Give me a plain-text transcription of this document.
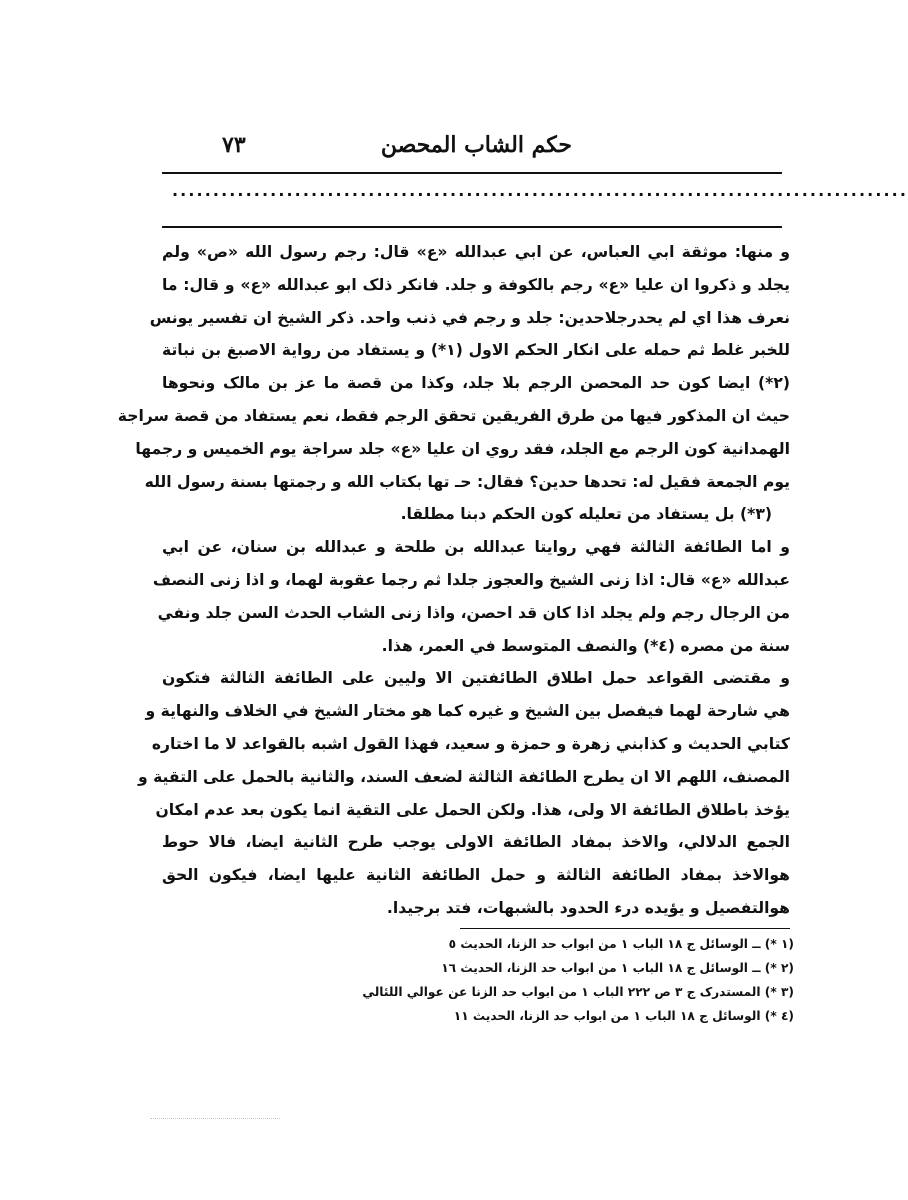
حكم الشاب المحصن
٧٣
..........................................................................................
و منها: موثقة ابي العباس، عن ابي عبدالله «ع» قال: رجم رسول الله «ص» ولم
يجلد و ذكروا ان عليا «ع» رجم بالكوفة و جلد. فانكر ذلک ابو عبدالله «ع» و قال: ما
نعرف هذا اي لم يحدرجلاحدين: جلد و رجم في ذنب واحد. ذكر الشيخ ان تفسير يونس
للخبر غلط ثم حمله على انكار الحكم الاول (١*) و يستفاد من رواية الاصبغ بن نباتة
(٢*) ايضا كون حد المحصن الرجم بلا جلد، وكذا من قصة ما عز بن مالک ونحوها
حيث ان المذكور فيها من طرق الفريقين تحقق الرجم فقط، نعم يستفاد من قصة سراجة
الهمدانية كون الرجم مع الجلد، فقد روي ان عليا «ع» جلد سراجة يوم الخميس و رجمها
يوم الجمعة فقيل له: تحدها حدين؟ فقال: حـ تها بكتاب الله و رجمتها بسنة رسول الله
(٣*) بل يستفاد من تعليله كون الحكم دبنا مطلقا.
و اما الطائفة الثالثة فهي روايتا عبدالله بن طلحة و عبدالله بن سنان، عن ابي
عبدالله «ع» قال: اذا زنى الشيخ والعجوز جلدا ثم رجما عقوبة لهما، و اذا زنى النصف
من الرجال رجم ولم يجلد اذا كان قد احصن، واذا زنى الشاب الحدث السن جلد ونفي
سنة من مصره (٤*) والنصف المتوسط في العمر، هذا.
و مقتضى القواعد حمل اطلاق الطائفتين الا وليين على الطائفة الثالثة فتكون
هي شارحة لهما فيفصل بين الشيخ و غيره كما هو مختار الشيخ في الخلاف والنهاية و
كتابي الحديث و كذابني زهرة و حمزة و سعيد، فهذا القول اشبه بالقواعد لا ما اختاره
المصنف، اللهم الا ان يطرح الطائفة الثالثة لضعف السند، والثانية بالحمل على التقية و
يؤخذ باطلاق الطائفة الا ولى، هذا. ولكن الحمل على التقية انما يكون بعد عدم امكان
الجمع الدلالي، والاخذ بمفاد الطائفة الاولى يوجب طرح الثانية ايضا، فالا حوط
هوالاخذ بمفاد الطائفة الثالثة و حمل الطائفة الثانية عليها ايضا، فيكون الحق
هوالتفصيل و يؤيده درء الحدود بالشبهات، فتد برجيدا.
(١ *) ــ الوسائل ج ١٨ الباب ١ من ابواب حد الزنا، الحديث ٥
(٢ *) ــ الوسائل ج ١٨ الباب ١ من ابواب حد الزنا، الحديث ١٦
(٣ *) المستدرک ج ٣ ص ٢٢٢ الباب ١ من ابواب حد الزنا عن عوالي اللئالي
(٤ *) الوسائل ج ١٨ الباب ١ من ابواب حد الزنا، الحديث ١١
